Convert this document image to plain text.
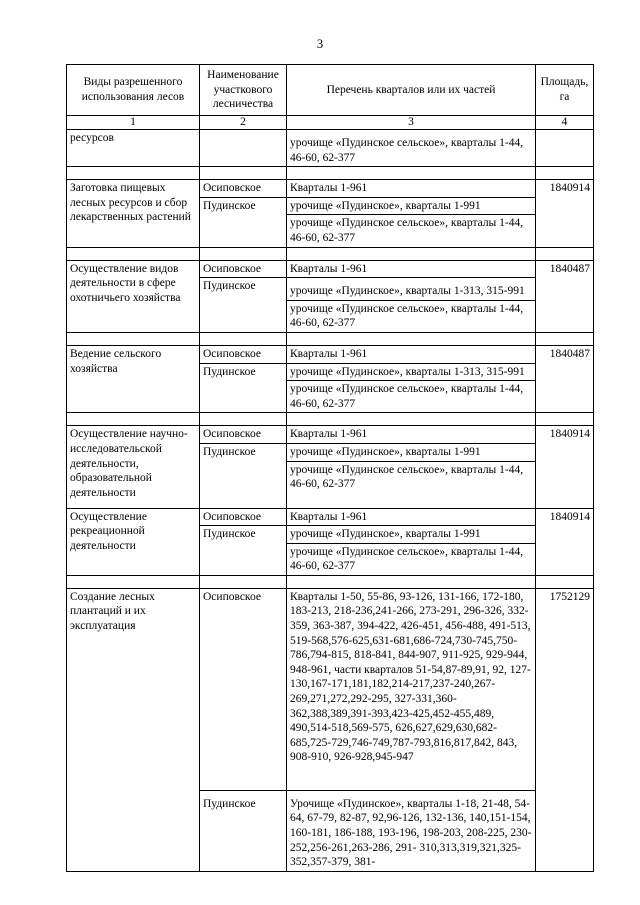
3
Виды разрешенного использования лесов	Наименование участкового лесничества	Перечень кварталов или их частей	Площадь, га
1	2	3	4
ресурсов		урочище «Пудинское сельское», кварталы 1-44, 46-60, 62-377	

Заготовка пищевых лесных ресурсов и сбор лекарственных растений	Осиповское	Кварталы 1-961	1840914
	Пудинское	урочище «Пудинское», кварталы 1-991	
		урочище «Пудинское сельское», кварталы 1-44, 46-60, 62-377	

Осуществление видов деятельности в сфере охотничьего хозяйства	Осиповское	Кварталы 1-961	1840487
	Пудинское	урочище «Пудинское», кварталы 1-313, 315-991	
		урочище «Пудинское сельское», кварталы 1-44, 46-60, 62-377	

Ведение сельского хозяйства	Осиповское	Кварталы 1-961	1840487
	Пудинское	урочище «Пудинское», кварталы 1-313, 315-991	
		урочище «Пудинское сельское», кварталы 1-44, 46-60, 62-377	

Осуществление научно-исследовательской деятельности, образовательной деятельности	Осиповское	Кварталы 1-961	1840914
	Пудинское	урочище «Пудинское», кварталы 1-991	
		урочище «Пудинское сельское», кварталы 1-44, 46-60, 62-377	
Осуществление рекреационной деятельности	Осиповское	Кварталы 1-961	1840914
	Пудинское	урочище «Пудинское», кварталы 1-991	
		урочище «Пудинское сельское», кварталы 1-44, 46-60, 62-377	

Создание лесных плантаций и их эксплуатация	Осиповское	Кварталы 1-50, 55-86, 93-126, 131-166, 172-180, 183-213, 218-236,241-266, 273-291, 296-326, 332-359, 363-387, 394-422, 426-451, 456-488, 491-513, 519-568,576-625,631-681,686-724,730-745,750-786,794-815, 818-841, 844-907, 911-925, 929-944, 948-961, части кварталов 51-54,87-89,91, 92, 127-130,167-171,181,182,214-217,237-240,267-269,271,272,292-295, 327-331,360-362,388,389,391-393,423-425,452-455,489, 490,514-518,569-575, 626,627,629,630,682-685,725-729,746-749,787-793,816,817,842, 843, 908-910, 926-928,945-947	1752129
	Пудинское	Урочище «Пудинское», кварталы 1-18, 21-48, 54-64, 67-79, 82-87, 92,96-126, 132-136, 140,151-154, 160-181, 186-188, 193-196, 198-203, 208-225, 230-252,256-261,263-286, 291- 310,313,319,321,325-352,357-379, 381-	
